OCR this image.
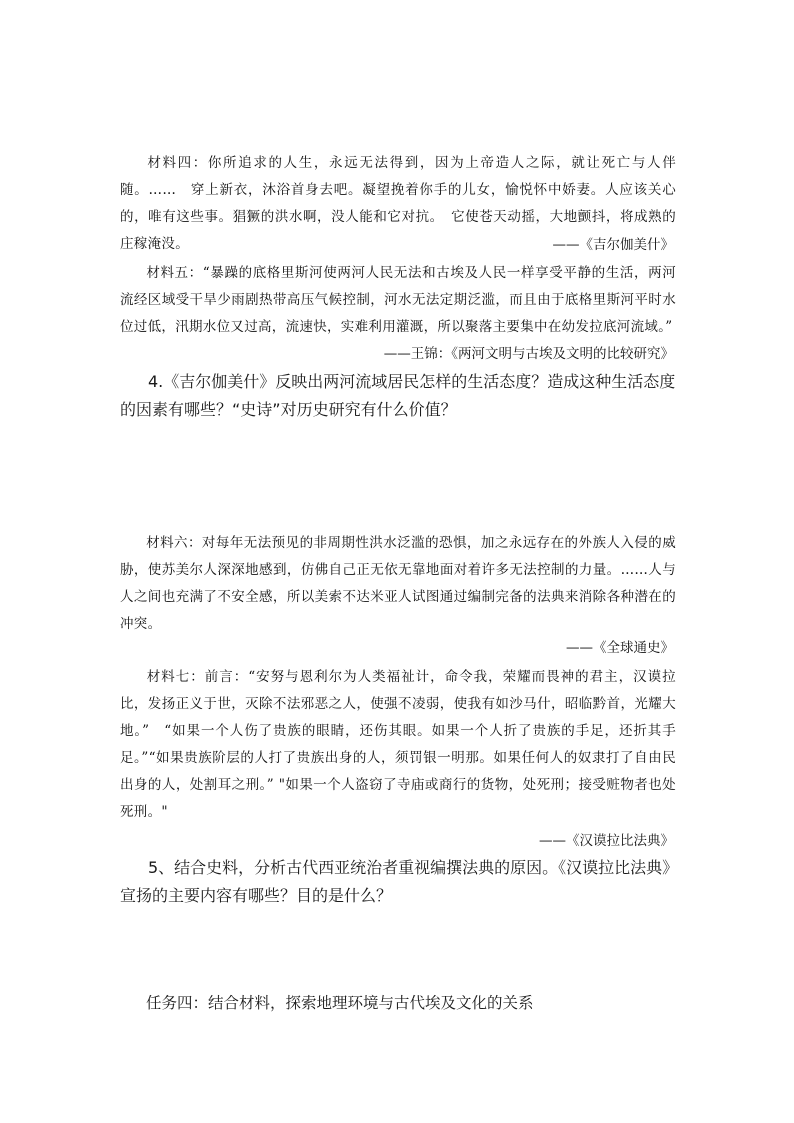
材料四：你所追求的人生，永远无法得到，因为上帝造人之际，就让死亡与人伴随。……　穿上新衣，沐浴首身去吧。凝望挽着你手的儿女，愉悦怀中娇妻。人应该关心的，唯有这些事。猖獗的洪水啊，没人能和它对抗。　它使苍天动摇，大地颤抖，将成熟的庄稼淹没。	——《吉尔伽美什》
材料五：“暴躁的底格里斯河使两河人民无法和古埃及人民一样享受平静的生活，两河流经区域受干旱少雨剧热带高压气候控制，河水无法定期泛滥，而且由于底格里斯河平时水位过低，汛期水位又过高，流速快，实难利用灌溉，所以聚落主要集中在幼发拉底河流域。”
——王锦：《两河文明与古埃及文明的比较研究》
4.《吉尔伽美什》反映出两河流域居民怎样的生活态度？造成这种生活态度的因素有哪些？“史诗”对历史研究有什么价值？
材料六：对每年无法预见的非周期性洪水泛滥的恐惧，加之永远存在的外族人入侵的威胁，使苏美尔人深深地感到，仿佛自己正无依无靠地面对着许多无法控制的力量。……人与人之间也充满了不安全感，所以美索不达米亚人试图通过编制完备的法典来消除各种潜在的冲突。
——《全球通史》
材料七：前言：“安努与恩利尔为人类福祉计，命令我，荣耀而畏神的君主，汉谟拉比，发扬正义于世，灭除不法邪恶之人，使强不凌弱，使我有如沙马什，昭临黔首，光耀大地。”　“如果一个人伤了贵族的眼睛，还伤其眼。如果一个人折了贵族的手足，还折其手足。”“如果贵族阶层的人打了贵族出身的人，须罚银一明那。如果任何人的奴隶打了自由民出身的人，处割耳之刑。” "如果一个人盗窃了寺庙或商行的货物，处死刑；接受赃物者也处死刑。"
——《汉谟拉比法典》
5、结合史料，分析古代西亚统治者重视编撰法典的原因。《汉谟拉比法典》宣扬的主要内容有哪些？目的是什么？
任务四：结合材料，探索地理环境与古代埃及文化的关系
